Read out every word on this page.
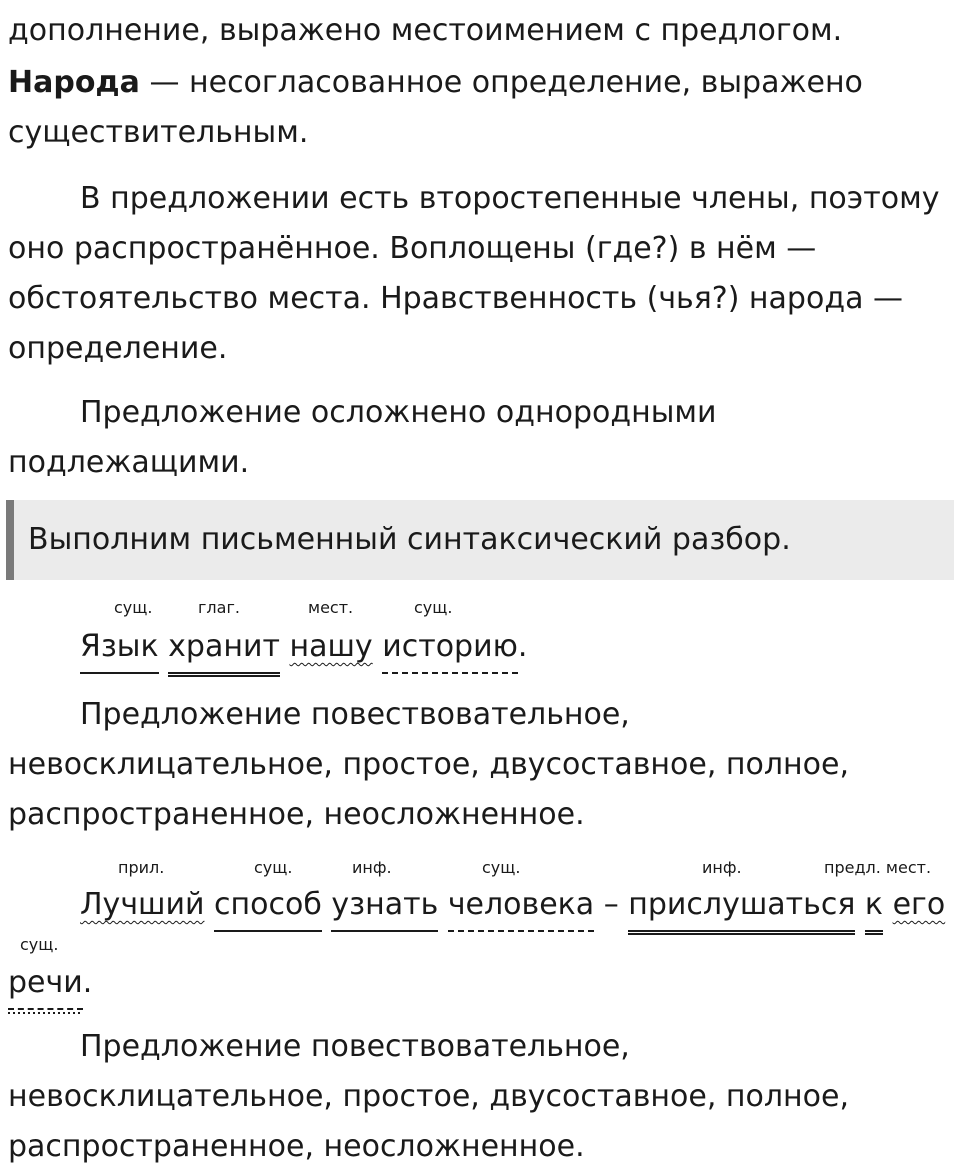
дополнение, выражено местоимением с предлогом.

Народа — несогласованное определение, выражено существительным.

В предложении есть второстепенные члены, поэтому оно распространённое. Воплощены (где?) в нём — обстоятельство места. Нравственность (чья?) народа — определение.

Предложение осложнено однородными подлежащими.

Выполним письменный синтаксический разбор.
сущ.	глаг.	мест.	сущ.
Язык хранит нашу историю.

Предложение повествовательное, невосклицательное, простое, двусоставное, полное, распространенное, неосложненное.

прил.	сущ.	инф.	сущ.	инф.	предл. мест.
сущ.
Лучший способ узнать человека – прислушаться к его
речи.

Предложение повествовательное, невосклицательное, простое, двусоставное, полное, распространенное, неосложненное.
